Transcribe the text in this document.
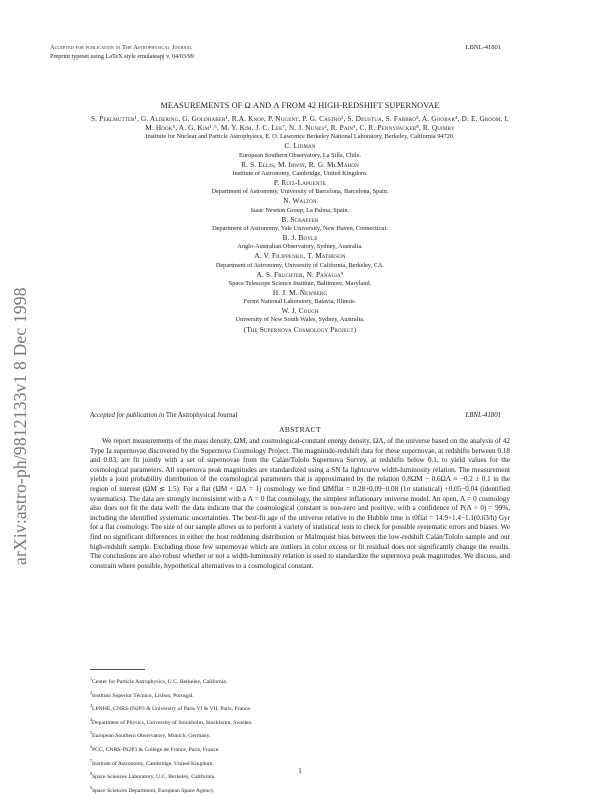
Accepted for publication in The Astrophysical Journal
Preprint typeset using LaTeX style emulateapj v. 04/03/99
LBNL-41801
arXiv:astro-ph/9812133v1 8 Dec 1998
MEASUREMENTS OF Ω AND Λ FROM 42 HIGH-REDSHIFT SUPERNOVAE
S. Perlmutter¹, G. Aldering, G. Goldhaber¹, R.A. Knop, P. Nugent, P. G. Castro², S. Deustua, S. Fabbro³, A. Goobar⁴, D. E. Groom, I. M. Hook⁵, A. G. Kim¹˒⁶, M. Y. Kim, J. C. Lee⁷, N. J. Nunes², R. Pain³, C. R. Pennypacker⁸, R. Quimby
Institute for Nuclear and Particle Astrophysics, E. O. Lawrence Berkeley National Laboratory, Berkeley, California 94720.
C. Lidman
European Southern Observatory, La Silla, Chile.
R. S. Ellis, M. Irwin, R. G. McMahon
Institute of Astronomy, Cambridge, United Kingdom.
P. Ruiz-Lapuente
Department of Astronomy, University of Barcelona, Barcelona, Spain.
N. Walton
Isaac Newton Group, La Palma, Spain.
B. Schaefer
Department of Astronomy, Yale University, New Haven, Connecticut.
B. J. Boyle
Anglo-Australian Observatory, Sydney, Australia.
A. V. Filippenko, T. Matheson
Department of Astronomy, University of California, Berkeley, CA.
A. S. Fruchter, N. Panagia⁹
Space Telescope Science Institute, Baltimore, Maryland.
H. J. M. Newberg
Fermi National Laboratory, Batavia, Illinois.
W. J. Couch
University of New South Wales, Sydney, Australia.
(The Supernova Cosmology Project)
Accepted for publication in The Astrophysical Journal	LBNL-41801
ABSTRACT
We report measurements of the mass density, ΩM, and cosmological-constant energy density, ΩΛ, of the universe based on the analysis of 42 Type Ia supernovae discovered by the Supernova Cosmology Project. The magnitude-redshift data for these supernovae, at redshifts between 0.18 and 0.83, are fit jointly with a set of supernovae from the Calán/Tololo Supernova Survey, at redshifts below 0.1, to yield values for the cosmological parameters. All supernova peak magnitudes are standardized using a SN Ia lightcurve width-luminosity relation. The measurement yields a joint probability distribution of the cosmological parameters that is approximated by the relation 0.8ΩM − 0.6ΩΛ ≈ −0.2 ± 0.1 in the region of interest (ΩM ≲ 1.5). For a flat (ΩM + ΩΛ = 1) cosmology we find ΩMflat = 0.28+0.09−0.08 (1σ statistical) +0.05−0.04 (identified systematics). The data are strongly inconsistent with a Λ = 0 flat cosmology, the simplest inflationary universe model. An open, Λ = 0 cosmology also does not fit the data well: the data indicate that the cosmological constant is non-zero and positive, with a confidence of P(Λ > 0) = 99%, including the identified systematic uncertainties. The best-fit age of the universe relative to the Hubble time is t0flat = 14.9+1.4−1.1(0.63/h) Gyr for a flat cosmology. The size of our sample allows us to perform a variety of statistical tests to check for possible systematic errors and biases. We find no significant differences in either the host reddening distribution or Malmquist bias between the low-redshift Calán/Tololo sample and our high-redshift sample. Excluding those few supernovae which are outliers in color excess or fit residual does not significantly change the results. The conclusions are also robust whether or not a width-luminosity relation is used to standardize the supernova peak magnitudes. We discuss, and constrain where possible, hypothetical alternatives to a cosmological constant.
$^1$Center for Particle Astrophysics, U.C. Berkeley, California.
$^2$Instituto Superior Técnico, Lisbon, Portugal.
$^3$LPNHE, CNRS-IN2P3 & University of Paris VI & VII, Paris, France.
$^4$Department of Physics, University of Stockholm, Stockholm, Sweden.
$^5$European Southern Observatory, Munich, Germany.
$^6$PCC, CNRS-IN2P3 & Collège de France, Paris, France.
$^7$Institute of Astronomy, Cambridge, United Kingdom.
$^8$Space Sciences Laboratory, U.C. Berkeley, California.
$^9$Space Sciences Department, European Space Agency.
1
